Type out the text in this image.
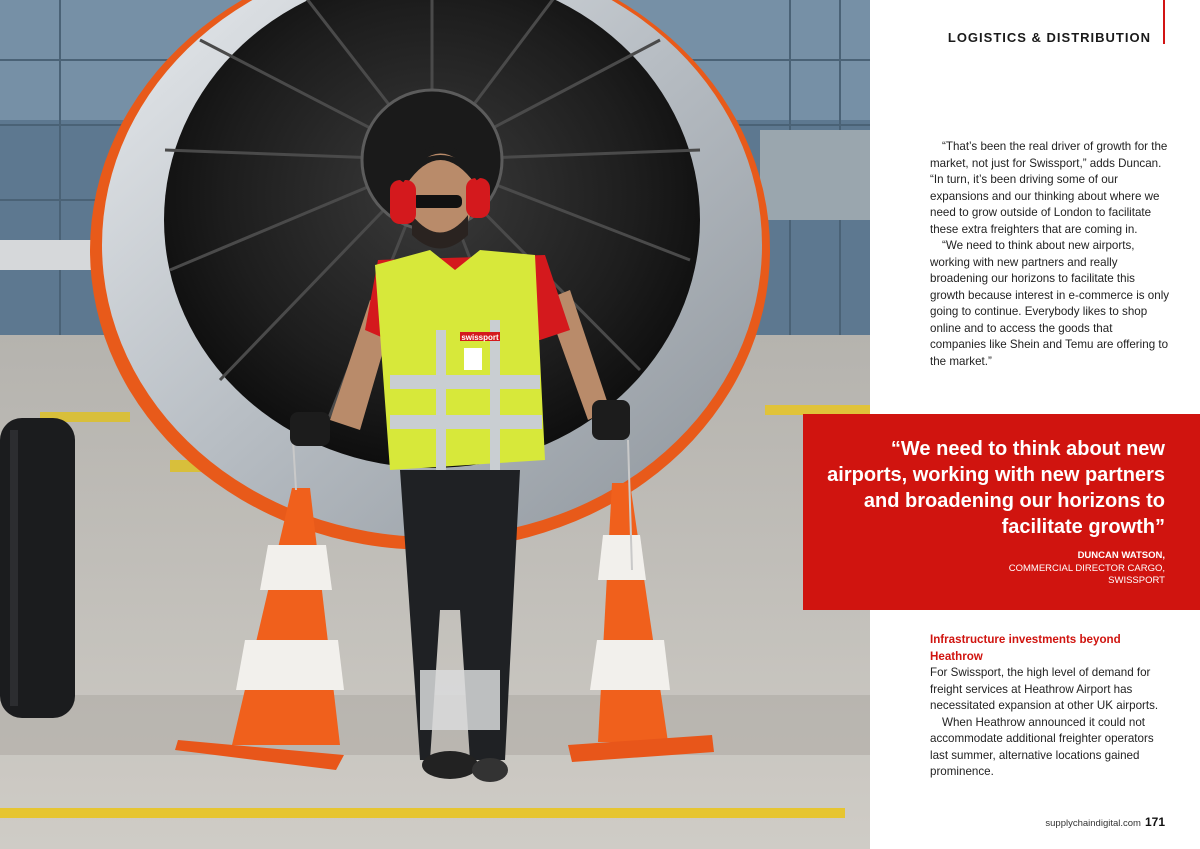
swissport
LOGISTICS & DISTRIBUTION

“That’s been the real driver of growth for the market, not just for Swissport,” adds Duncan. “In turn, it’s been driving some of our expansions and our thinking about where we need to grow outside of London to facilitate these extra freighters that are coming in.

“We need to think about new airports, working with new partners and really broadening our horizons to facilitate this growth because interest in e-commerce is only going to continue. Everybody likes to shop online and to access the goods that companies like Shein and Temu are offering to the market.”

“We need to think about new airports, working with new partners and broadening our horizons to facilitate growth”
DUNCAN WATSON,
COMMERCIAL DIRECTOR CARGO,
SWISSPORT
Infrastructure investments beyond Heathrow

For Swissport, the high level of demand for freight services at Heathrow Airport has necessitated expansion at other UK airports.

When Heathrow announced it could not accommodate additional freighter operators last summer, alternative locations gained prominence.

supplychaindigital.com 171
